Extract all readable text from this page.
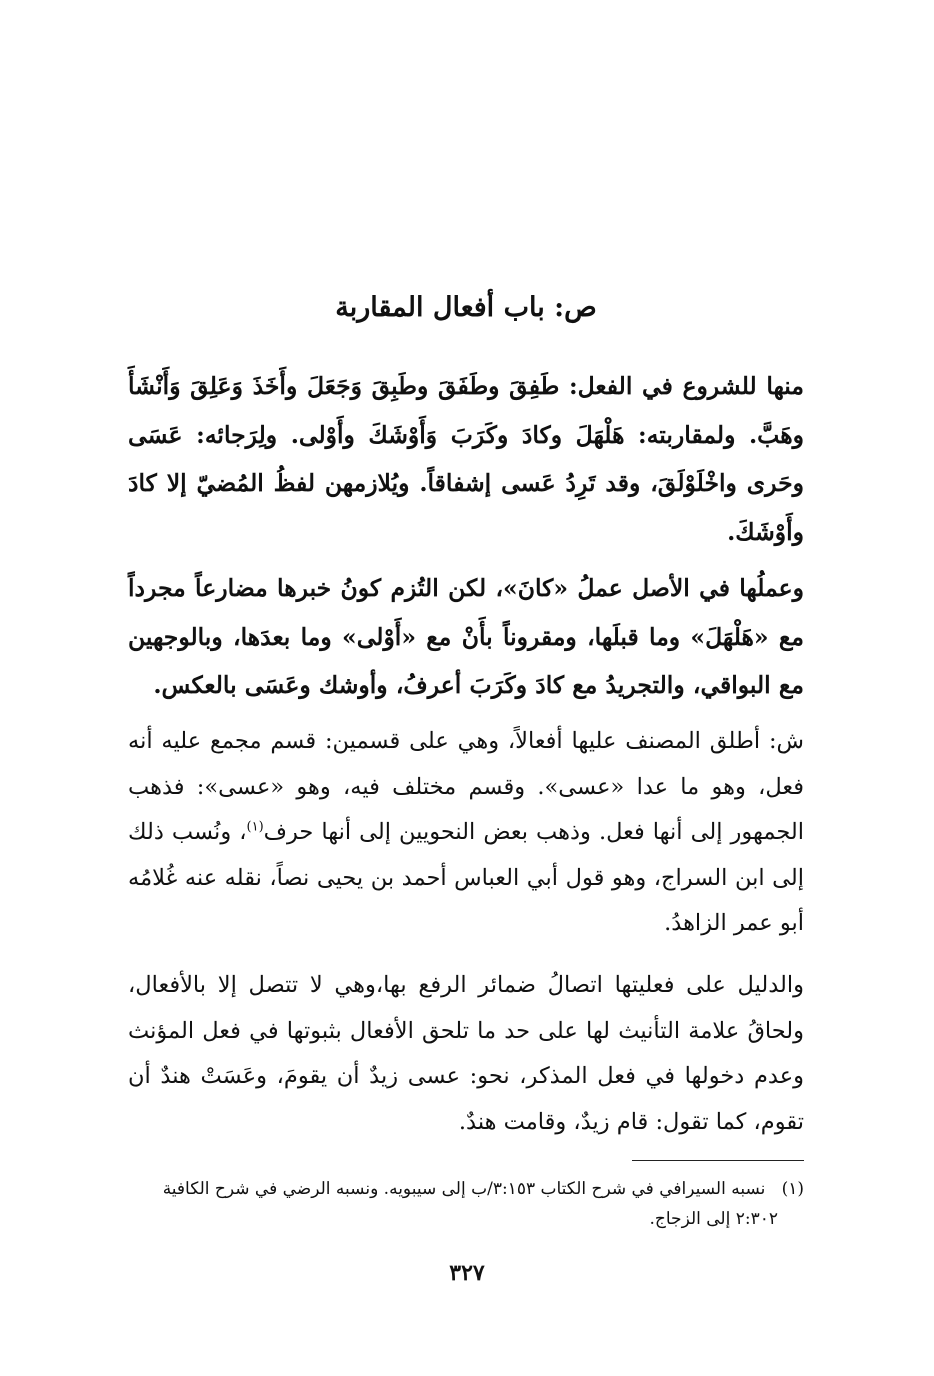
ص: باب أفعال المقاربة
منها للشروع في الفعل: طَفِقَ وطَفَقَ وطَبِقَ وَجَعَلَ وأَخَذَ وَعَلِقَ وَأَنْشَأَ وهَبَّ. ولمقاربته: هَلْهَلَ وكادَ وكَرَبَ وَأَوْشَكَ وأَوْلى. ولِرَجائه: عَسَى وحَرى واخْلَوْلَقَ، وقد تَرِدُ عَسى إشفاقاً. ويُلازمهن لفظُ المُضيّ إلا كادَ وأَوْشَكَ.
وعملُها في الأصل عملُ «كانَ»، لكن التُزم كونُ خبرها مضارعاً مجرداً مع «هَلْهَلَ» وما قبلَها، ومقروناً بأَنْ مع «أَوْلى» وما بعدَها، وبالوجهين مع البواقي، والتجريدُ مع كادَ وكَرَبَ أعرفُ، وأوشك وعَسَى بالعكس.
ش: أطلق المصنف عليها أفعالاً، وهي على قسمين: قسم مجمع عليه أنه فعل، وهو ما عدا «عسى». وقسم مختلف فيه، وهو «عسى»: فذهب الجمهور إلى أنها فعل. وذهب بعض النحويين إلى أنها حرف$^{(١)}$، ونُسب ذلك إلى ابن السراج، وهو قول أبي العباس أحمد بن يحيى نصاً، نقله عنه غُلامُه أبو عمر الزاهدُ.
والدليل على فعليتها اتصالُ ضمائر الرفع بها،وهي لا تتصل إلا بالأفعال، ولحاقُ علامة التأنيث لها على حد ما تلحق الأفعال بثبوتها في فعل المؤنث وعدم دخولها في فعل المذكر، نحو: عسى زيدٌ أن يقومَ، وعَسَتْ هندٌ أن تقوم، كما تقول: قام زيدٌ، وقامت هندٌ.
(١)   نسبه السيرافي في شرح الكتاب ٣:١٥٣/ب إلى سيبويه. ونسبه الرضي في شرح الكافية
٢:٣٠٢ إلى الزجاج.
٣٢٧
